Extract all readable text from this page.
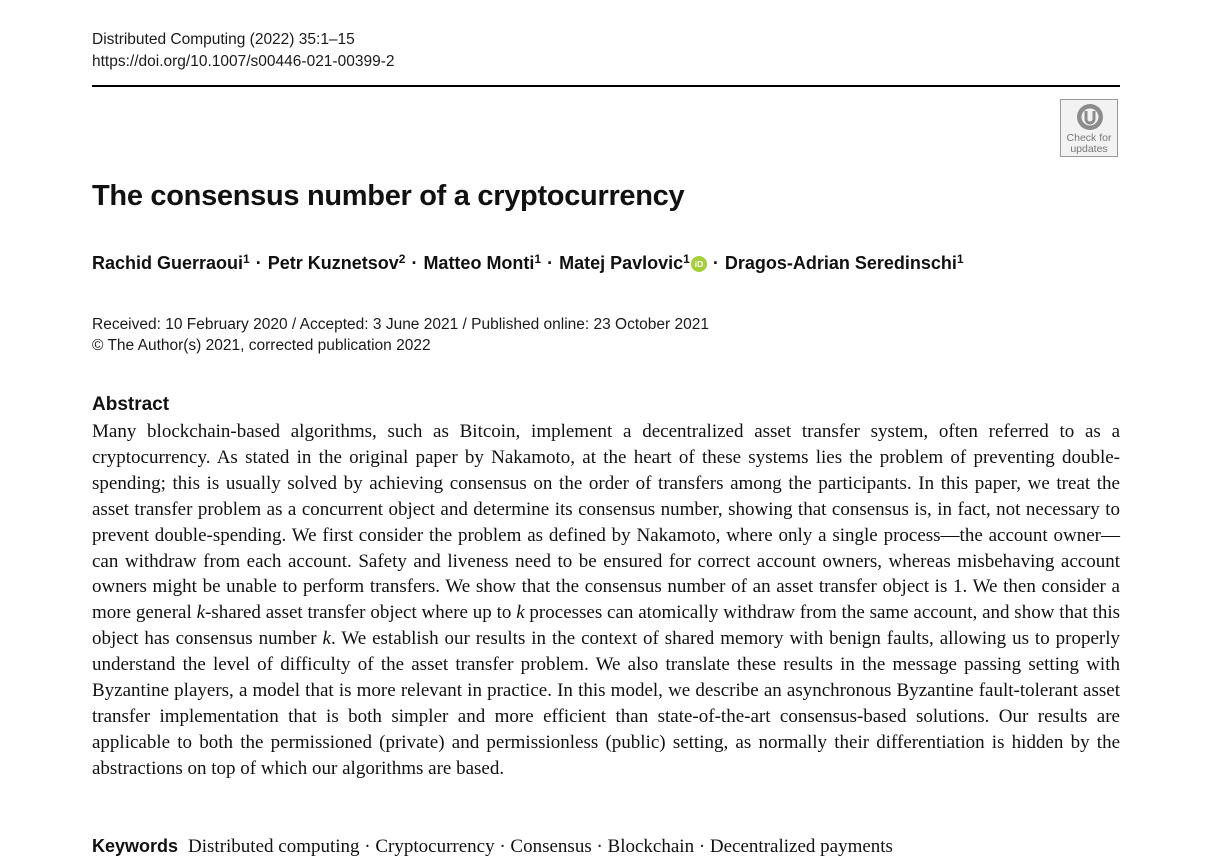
Distributed Computing (2022) 35:1–15
https://doi.org/10.1007/s00446-021-00399-2
Check for updates
The consensus number of a cryptocurrency
Rachid Guerraoui$^1$ · Petr Kuznetsov$^2$ · Matteo Monti$^1$ · Matej Pavlovic$^1$ iD · Dragos-Adrian Seredinschi$^1$
Received: 10 February 2020 / Accepted: 3 June 2021 / Published online: 23 October 2021
© The Author(s) 2021, corrected publication 2022
Abstract

Many blockchain-based algorithms, such as Bitcoin, implement a decentralized asset transfer system, often referred to as a cryptocurrency. As stated in the original paper by Nakamoto, at the heart of these systems lies the problem of preventing double-spending; this is usually solved by achieving consensus on the order of transfers among the participants. In this paper, we treat the asset transfer problem as a concurrent object and determine its consensus number, showing that consensus is, in fact, not necessary to prevent double-spending. We first consider the problem as defined by Nakamoto, where only a single process—the account owner—can withdraw from each account. Safety and liveness need to be ensured for correct account owners, whereas misbehaving account owners might be unable to perform transfers. We show that the consensus number of an asset transfer object is 1. We then consider a more general k-shared asset transfer object where up to k processes can atomically withdraw from the same account, and show that this object has consensus number k. We establish our results in the context of shared memory with benign faults, allowing us to properly understand the level of difficulty of the asset transfer problem. We also translate these results in the message passing setting with Byzantine players, a model that is more relevant in practice. In this model, we describe an asynchronous Byzantine fault-tolerant asset transfer implementation that is both simpler and more efficient than state-of-the-art consensus-based solutions. Our results are applicable to both the permissioned (private) and permissionless (public) setting, as normally their differentiation is hidden by the abstractions on top of which our algorithms are based.

Keywords Distributed computing · Cryptocurrency · Consensus · Blockchain · Decentralized payments
